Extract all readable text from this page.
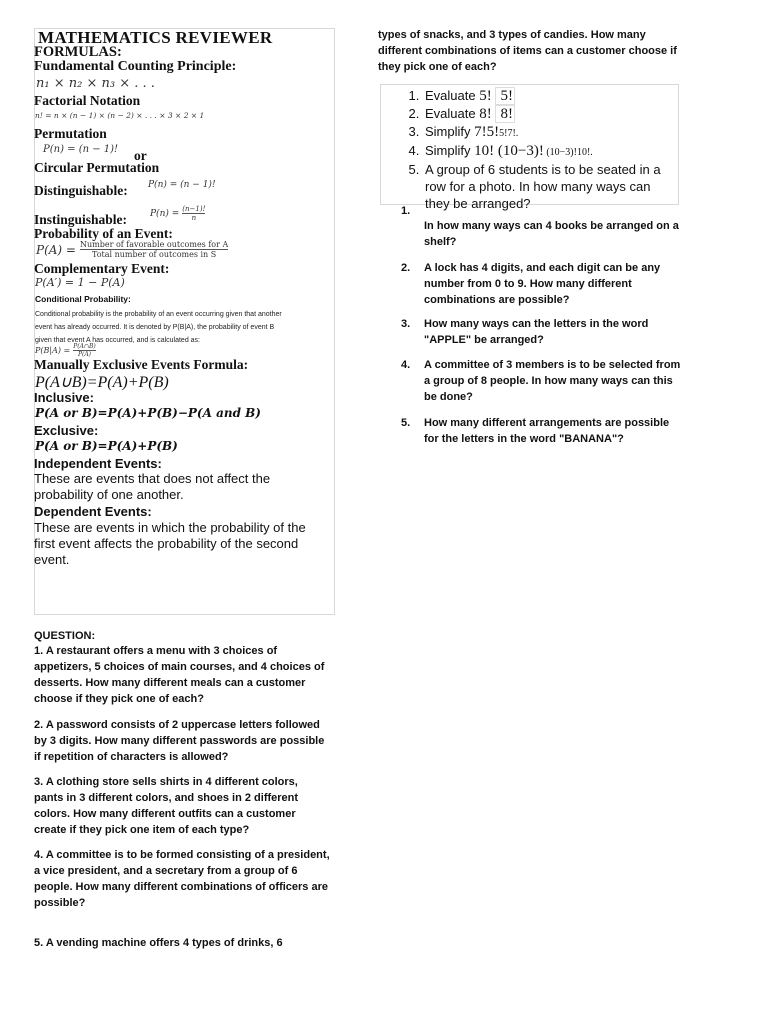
MATHEMATICS REVIEWER
FORMULAS:
Fundamental Counting Principle:
n₁ × n₂ × n₃ × . . .
Factorial Notation
n! = n × (n − 1) × (n − 2) × . . . × 3 × 2 × 1
Permutation
P(n) = (n − 1)! or
Circular Permutation
Distinguishable: P(n) = (n − 1)!
Instinguishable:	$P(n) = \frac{(n-1)!}{n}$
Probability of an Event:
P(A) = Number of favorable outcomes for A
Total number of outcomes in S
Complementary Event:
P(A′) = 1 − P(A)
Conditional Probability:
Conditional probability is the probability of an event occurring given that another
event has already occurred. It is denoted by P(B|A), the probability of event B
given that event A has occurred, and is calculated as:
$P(B|A) = \frac{P(A\cap B)}{P(A)}$
Manually Exclusive Events Formula:
P(A∪B)=P(A)+P(B)
Inclusive:
P(A or B)=P(A)+P(B)−P(A and B)
Exclusive:
P(A or B)=P(A)+P(B)
Independent Events:
These are events that does not affect the probability of one another.
Dependent Events:
These are events in which the probability of the first event affects the probability of the second event.
QUESTION:
1. A restaurant offers a menu with 3 choices of appetizers, 5 choices of main courses, and 4 choices of desserts. How many different meals can a customer choose if they pick one of each?
2. A password consists of 2 uppercase letters followed by 3 digits. How many different passwords are possible if repetition of characters is allowed?
3. A clothing store sells shirts in 4 different colors, pants in 3 different colors, and shoes in 2 different colors. How many different outfits can a customer create if they pick one item of each type?
4. A committee is to be formed consisting of a president, a vice president, and a secretary from a group of 6 people. How many different combinations of officers are possible?
5. A vending machine offers 4 types of drinks, 6
types of snacks, and 3 types of candies. How many different combinations of items can a customer choose if they pick one of each?
1. Evaluate 5! 5!
2. Evaluate 8! 8!
3. Simplify 7!5!5!7!.
4. Simplify 10! (10−3)! (10−3)!10!.
5. A group of 6 students is to be seated in a row for a photo. In how many ways can they be arranged?
1.
In how many ways can 4 books be arranged on a shelf?
2. A lock has 4 digits, and each digit can be any number from 0 to 9. How many different combinations are possible?
3. How many ways can the letters in the word "APPLE" be arranged?
4. A committee of 3 members is to be selected from a group of 8 people. In how many ways can this be done?
5. How many different arrangements are possible for the letters in the word "BANANA"?
